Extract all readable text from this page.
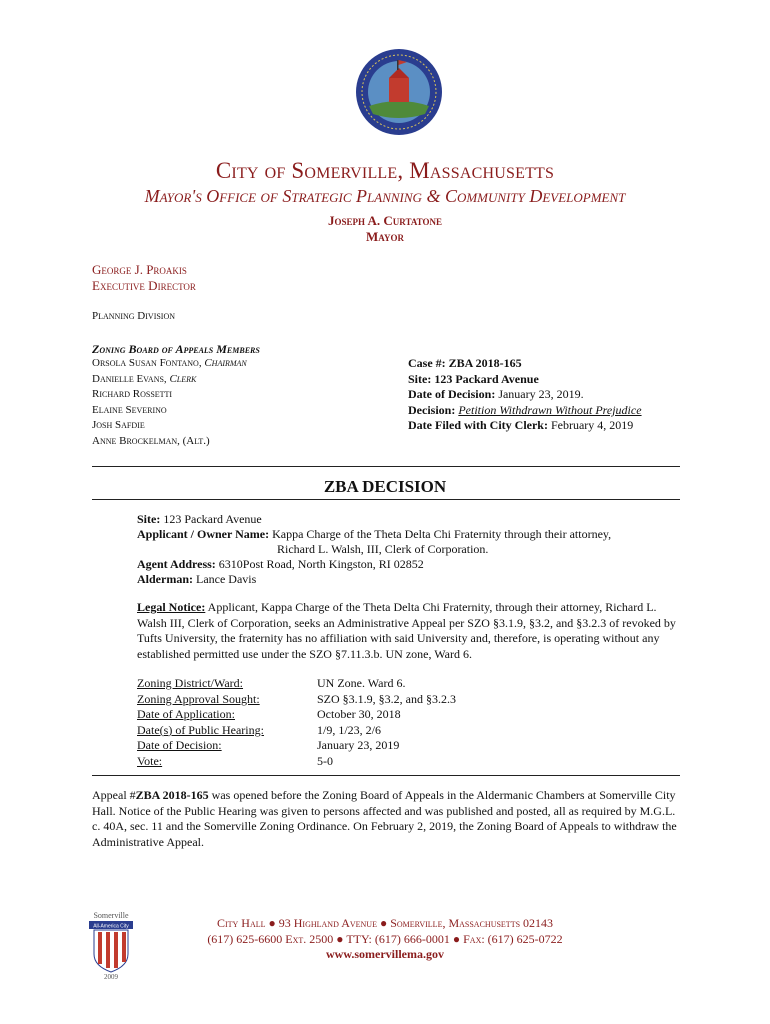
City of Somerville, Massachusetts
Mayor's Office of Strategic Planning & Community Development
Joseph A. Curtatone
Mayor
George J. Proakis
Executive Director
Planning Division
Zoning Board of Appeals Members
Orsola Susan Fontano, Chairman
Danielle Evans, Clerk
Richard Rossetti
Elaine Severino
Josh Safdie
Anne Brockelman, (Alt.)
Case #: ZBA 2018-165
Site: 123 Packard Avenue
Date of Decision: January 23, 2019.
Decision: Petition Withdrawn Without Prejudice
Date Filed with City Clerk: February 4, 2019
ZBA DECISION
Site: 123 Packard Avenue
Applicant / Owner Name: Kappa Charge of the Theta Delta Chi Fraternity through their attorney,
Richard L. Walsh, III, Clerk of Corporation.
Agent Address: 6310Post Road, North Kingston, RI 02852
Alderman: Lance Davis
Legal Notice: Applicant, Kappa Charge of the Theta Delta Chi Fraternity, through their attorney, Richard L. Walsh III, Clerk of Corporation, seeks an Administrative Appeal per SZO §3.1.9, §3.2, and §3.2.3 of revoked by Tufts University, the fraternity has no affiliation with said University and, therefore, is operating without any established permitted use under the SZO §7.11.3.b. UN zone, Ward 6.
Zoning District/Ward:	UN Zone. Ward 6.
Zoning Approval Sought:	SZO §3.1.9, §3.2, and §3.2.3
Date of Application:	October 30, 2018
Date(s) of Public Hearing:	1/9, 1/23, 2/6
Date of Decision:	January 23, 2019
Vote:	5-0
Appeal #ZBA 2018-165 was opened before the Zoning Board of Appeals in the Aldermanic Chambers at Somerville City Hall. Notice of the Public Hearing was given to persons affected and was published and posted, all as required by M.G.L. c. 40A, sec. 11 and the Somerville Zoning Ordinance. On February 2, 2019, the Zoning Board of Appeals to withdraw the Administrative Appeal.
Somerville
All-America City
2009
City Hall ● 93 Highland Avenue ● Somerville, Massachusetts 02143
(617) 625-6600 Ext. 2500 ● TTY: (617) 666-0001 ● Fax: (617) 625-0722
www.somervillema.gov
